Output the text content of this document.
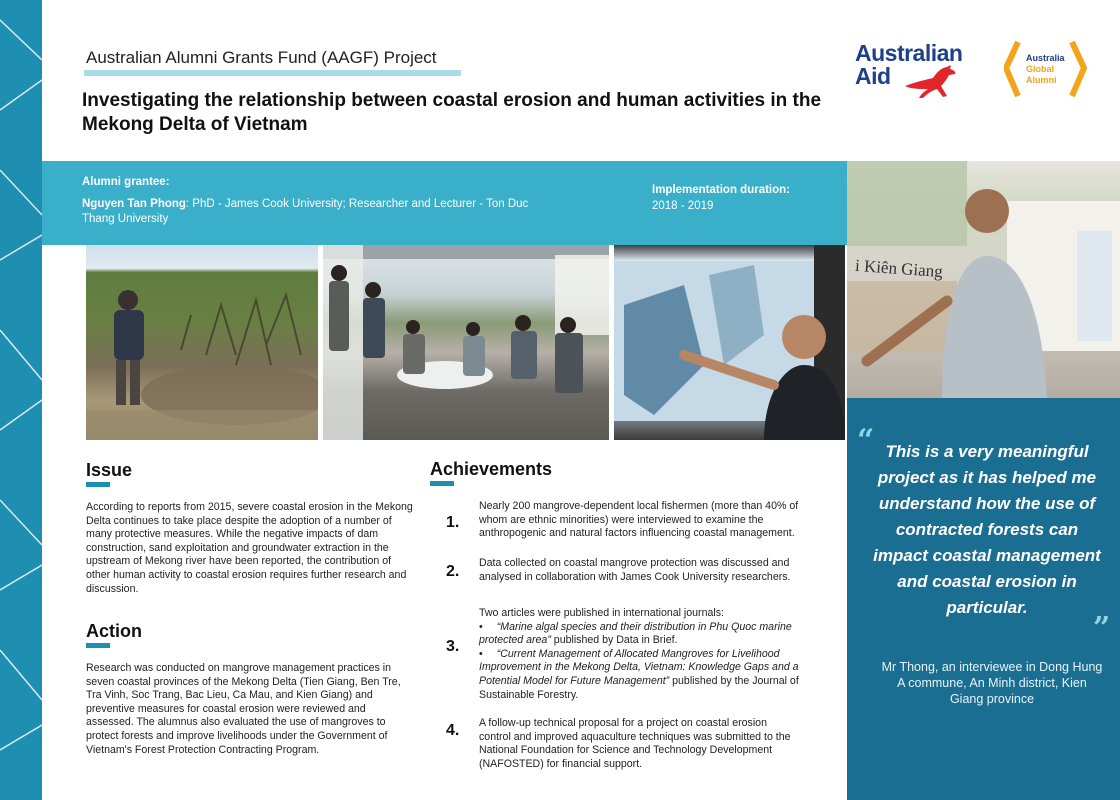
Australian Alumni Grants Fund (AAGF) Project
Investigating the relationship between coastal erosion and human activities in the Mekong Delta of Vietnam
Australian
Aid
Australia
Global
Alumni
Alumni grantee:
Nguyen Tan Phong: PhD - James Cook University; Researcher and Lecturer - Ton Duc Thang University
Implementation duration:
2018 - 2019
i Kiên Giang
Issue
According to reports from 2015, severe coastal erosion in the Mekong Delta continues to take place despite the adoption of a number of many protective measures. While the negative impacts of dam construction, sand exploitation and groundwater extraction in the upstream of Mekong river have been reported, the contribution of other human activity to coastal erosion requires further research and discussion.
Action
Research was conducted on mangrove management practices in seven coastal provinces of the Mekong Delta (Tien Giang, Ben Tre, Tra Vinh, Soc Trang, Bac Lieu, Ca Mau, and Kien Giang) and preventive measures for coastal erosion were reviewed and assessed. The alumnus also evaluated the use of mangroves to protect forests and improve livelihoods under the Government of Vietnam's Forest Protection Contracting Program.
Achievements
1.
Nearly 200 mangrove-dependent local fishermen (more than 40% of whom are ethnic minorities) were interviewed to examine the anthropogenic and natural factors influencing coastal management.
2. Data collected on coastal mangrove protection was discussed and analysed in collaboration with James Cook University researchers.
3.
Two articles were published in international journals:
• “Marine algal species and their distribution in Phu Quoc marine protected area” published by Data in Brief.
• “Current Management of Allocated Mangroves for Livelihood Improvement in the Mekong Delta, Vietnam: Knowledge Gaps and a Potential Model for Future Management” published by the Journal of Sustainable Forestry.
4. A follow-up technical proposal for a project on coastal erosion control and improved aquaculture techniques was submitted to the National Foundation for Science and Technology Development (NAFOSTED) for financial support.
“ This is a very meaningful project as it has helped me understand how the use of contracted forests can impact coastal management and coastal erosion in particular.
”
Mr Thong, an interviewee in Dong Hung A commune, An Minh district, Kien Giang province
